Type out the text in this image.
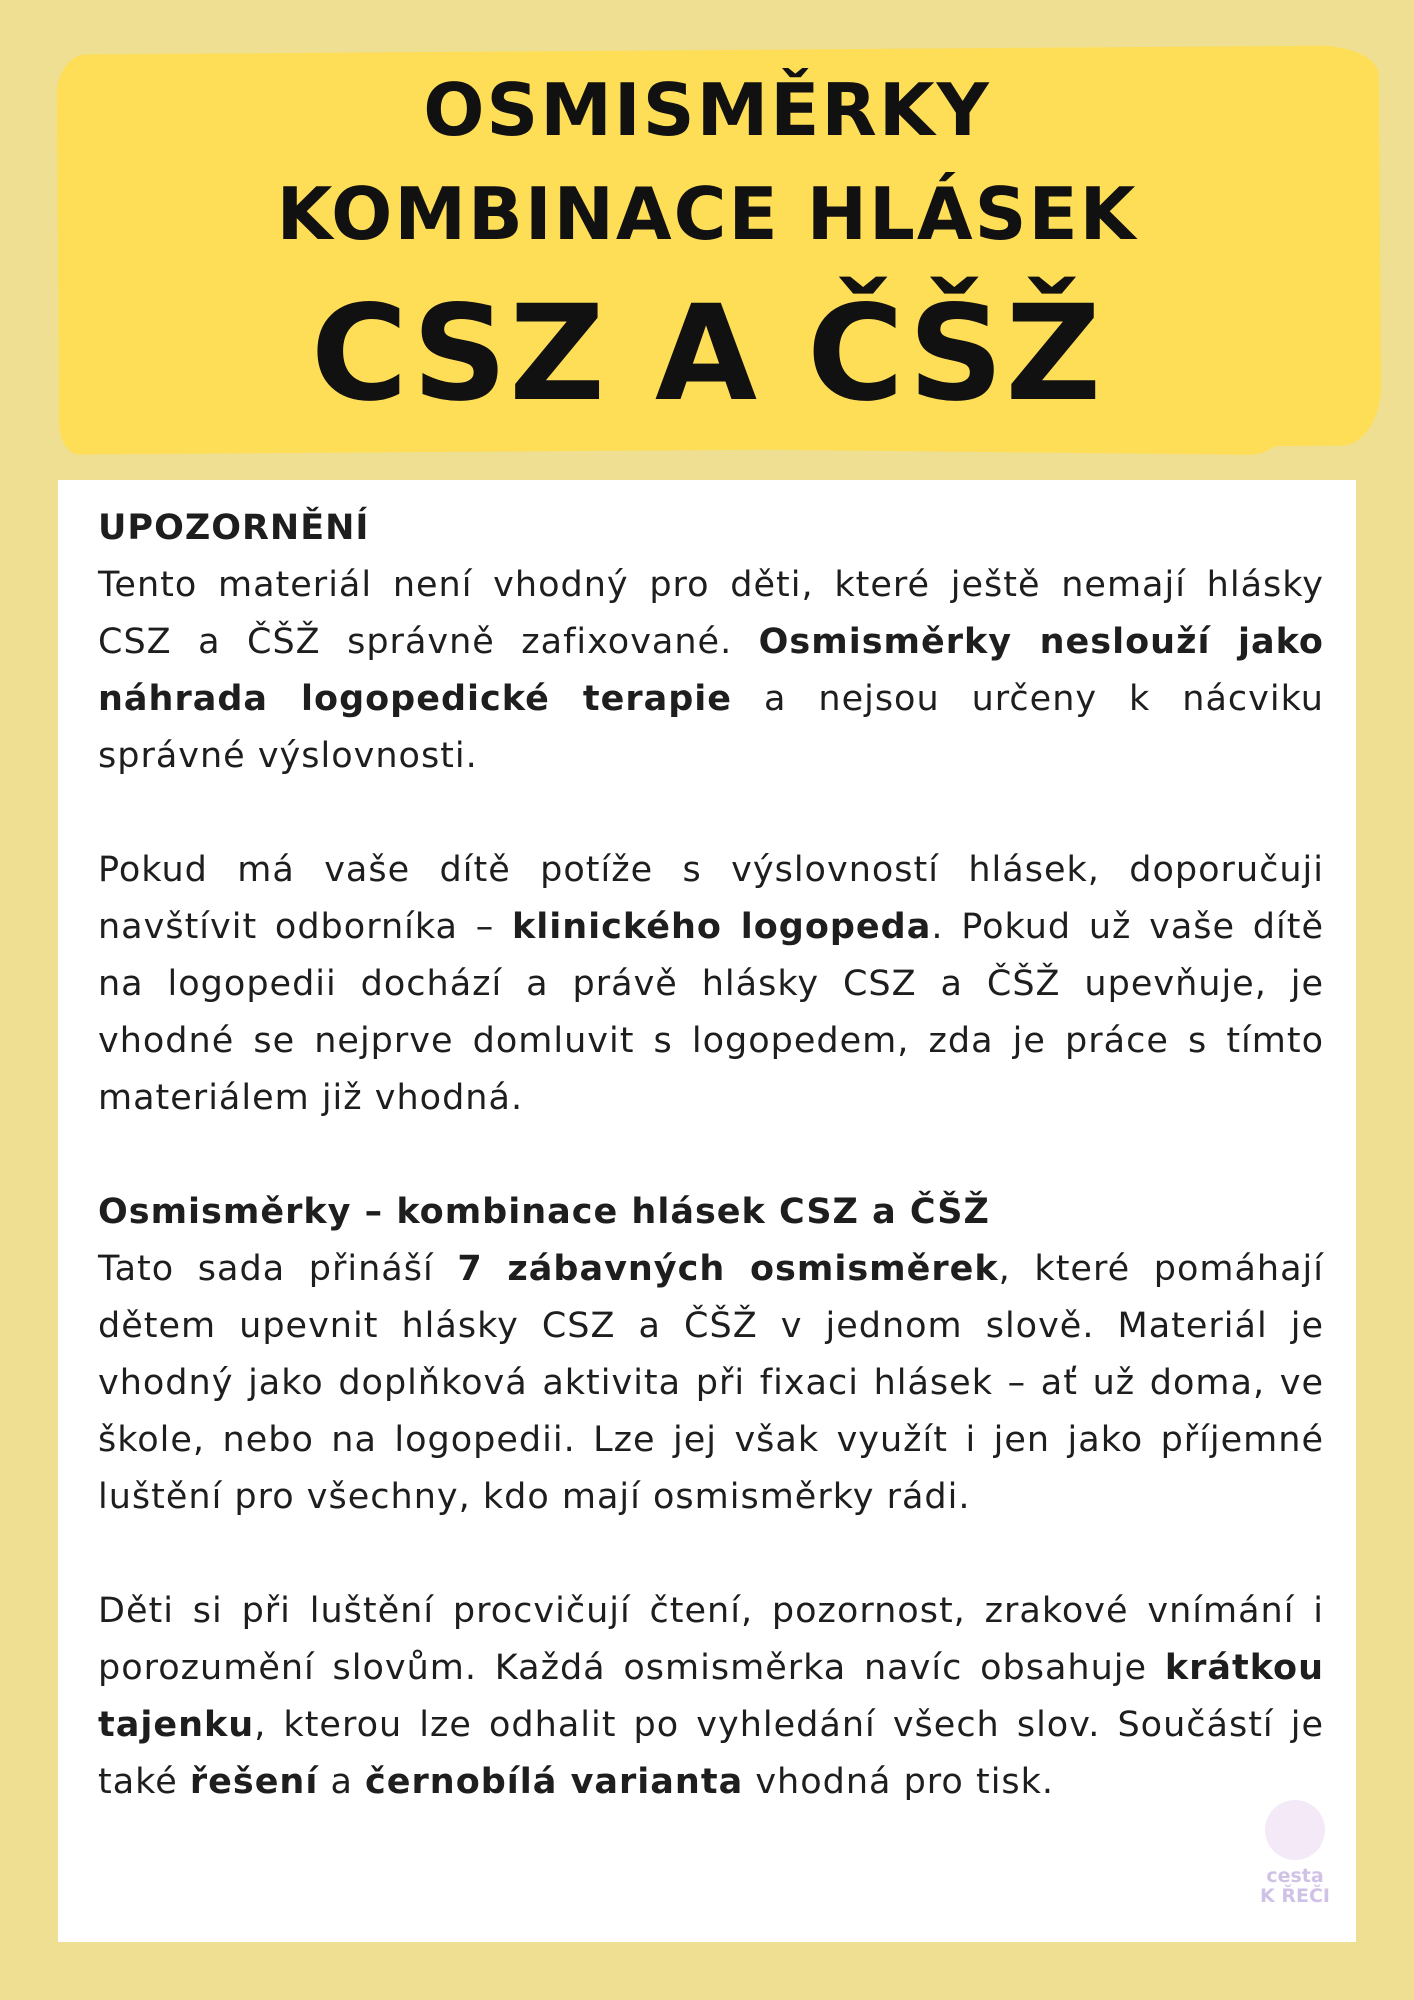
OSMISMĚRKY
KOMBINACE HLÁSEK
CSZ A ČŠŽ

UPOZORNĚNÍ
Tento materiál není vhodný pro děti, které ještě nemají hlásky CSZ a ČŠŽ správně zafixované. Osmisměrky neslouží jako náhrada logopedické terapie a nejsou určeny k nácviku správné výslovnosti.

Pokud má vaše dítě potíže s výslovností hlásek, doporučuji navštívit odborníka – klinického logopeda. Pokud už vaše dítě na logopedii dochází a právě hlásky CSZ a ČŠŽ upevňuje, je vhodné se nejprve domluvit s logopedem, zda je práce s tímto materiálem již vhodná.

Osmisměrky – kombinace hlásek CSZ a ČŠŽ
Tato sada přináší 7 zábavných osmisměrek, které pomáhají dětem upevnit hlásky CSZ a ČŠŽ v jednom slově. Materiál je vhodný jako doplňková aktivita při fixaci hlásek – ať už doma, ve škole, nebo na logopedii. Lze jej však využít i jen jako příjemné luštění pro všechny, kdo mají osmisměrky rádi.

Děti si při luštění procvičují čtení, pozornost, zrakové vnímání i porozumění slovům. Každá osmisměrka navíc obsahuje krátkou tajenku, kterou lze odhalit po vyhledání všech slov. Součástí je také řešení a černobílá varianta vhodná pro tisk.

cesta
K ŘEČI
